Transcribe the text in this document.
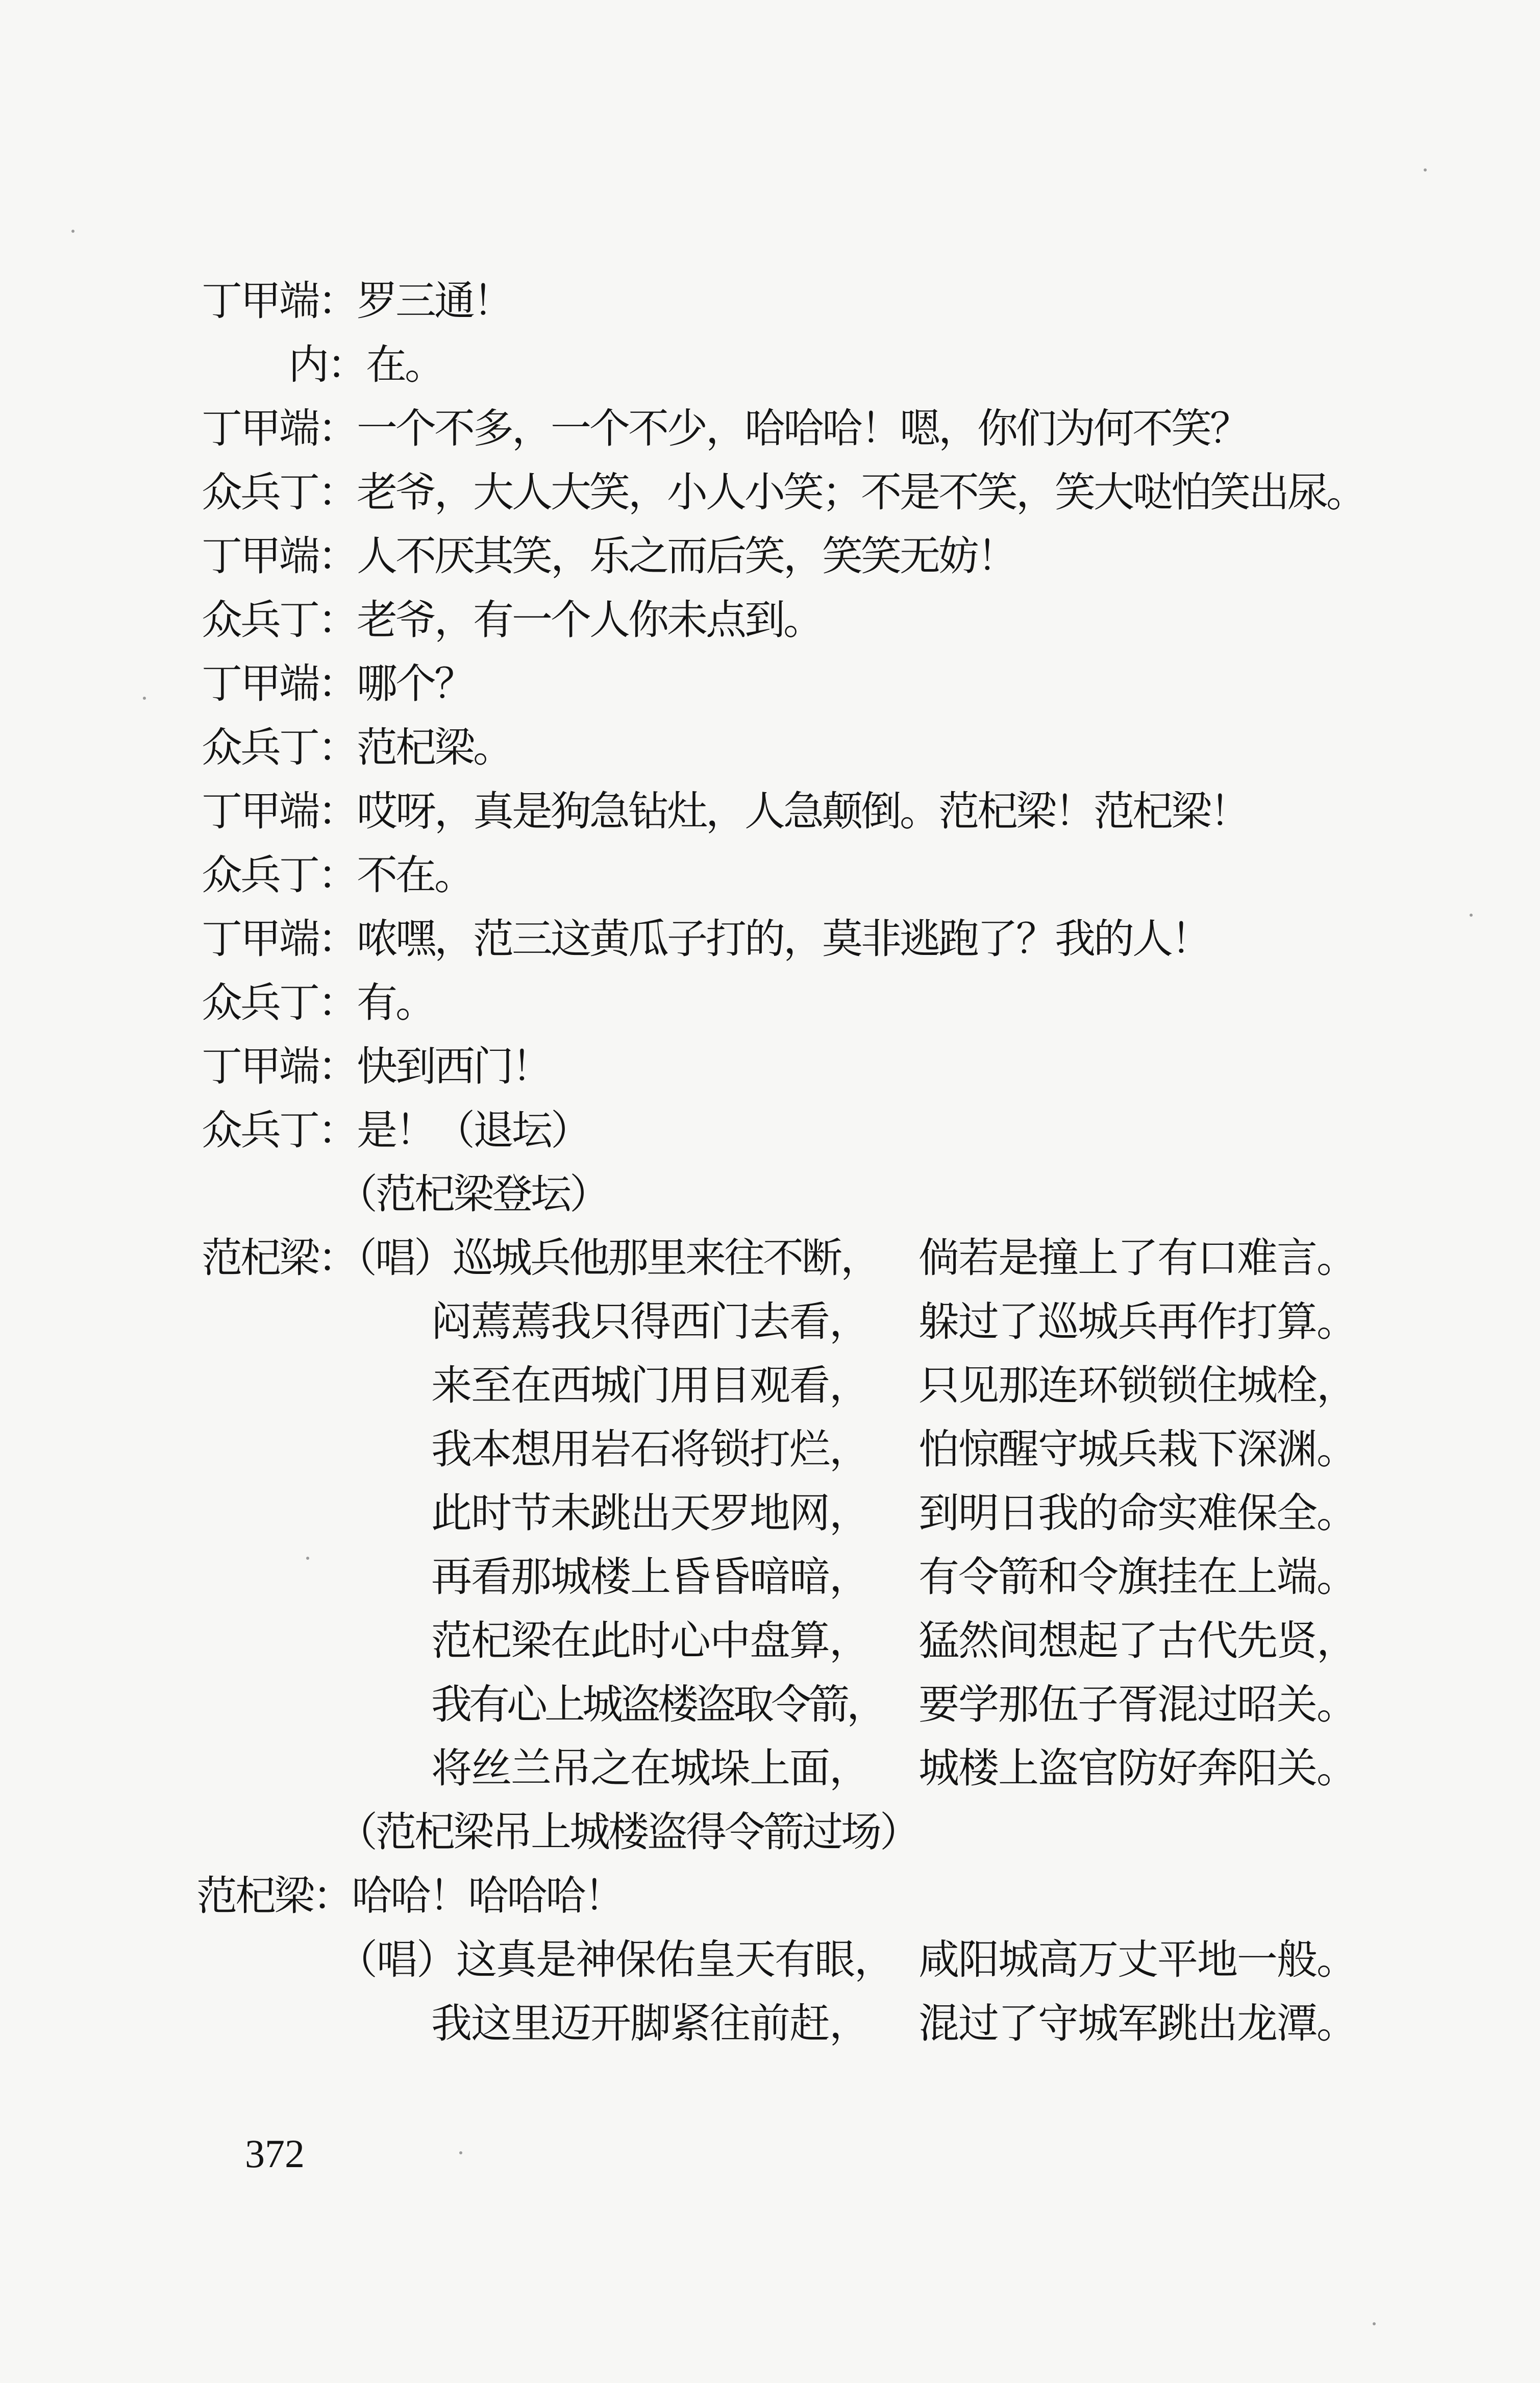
丁甲端：罗三通！
内：在。
丁甲端：一个不多，一个不少，哈哈哈！嗯，你们为何不笑？
众兵丁：老爷，大人大笑，小人小笑；不是不笑，笑大哒怕笑出尿。
丁甲端：人不厌其笑，乐之而后笑，笑笑无妨！
众兵丁：老爷，有一个人你未点到。
丁甲端：哪个？
众兵丁：范杞梁。
丁甲端：哎呀，真是狗急钻灶，人急颠倒。范杞梁！范杞梁！
众兵丁：不在。
丁甲端：哝嘿，范三这黄瓜子打的，莫非逃跑了？我的人！
众兵丁：有。
丁甲端：快到西门！
众兵丁：是！（退坛）
（范杞梁登坛）
范杞梁：（唱）巡城兵他那里来往不断， 倘若是撞上了有口难言。
闷蔫蔫我只得西门去看， 躲过了巡城兵再作打算。
来至在西城门用目观看， 只见那连环锁锁住城栓，
我本想用岩石将锁打烂， 怕惊醒守城兵栽下深渊。
此时节未跳出天罗地网， 到明日我的命实难保全。
再看那城楼上昏昏暗暗， 有令箭和令旗挂在上端。
范杞梁在此时心中盘算， 猛然间想起了古代先贤，
我有心上城盗楼盗取令箭， 要学那伍子胥混过昭关。
将丝兰吊之在城垛上面， 城楼上盗官防好奔阳关。
（范杞梁吊上城楼盗得令箭过场）
范杞梁：哈哈！哈哈哈！
（唱）这真是神保佑皇天有眼， 咸阳城高万丈平地一般。
我这里迈开脚紧往前赶， 混过了守城军跳出龙潭。
372
